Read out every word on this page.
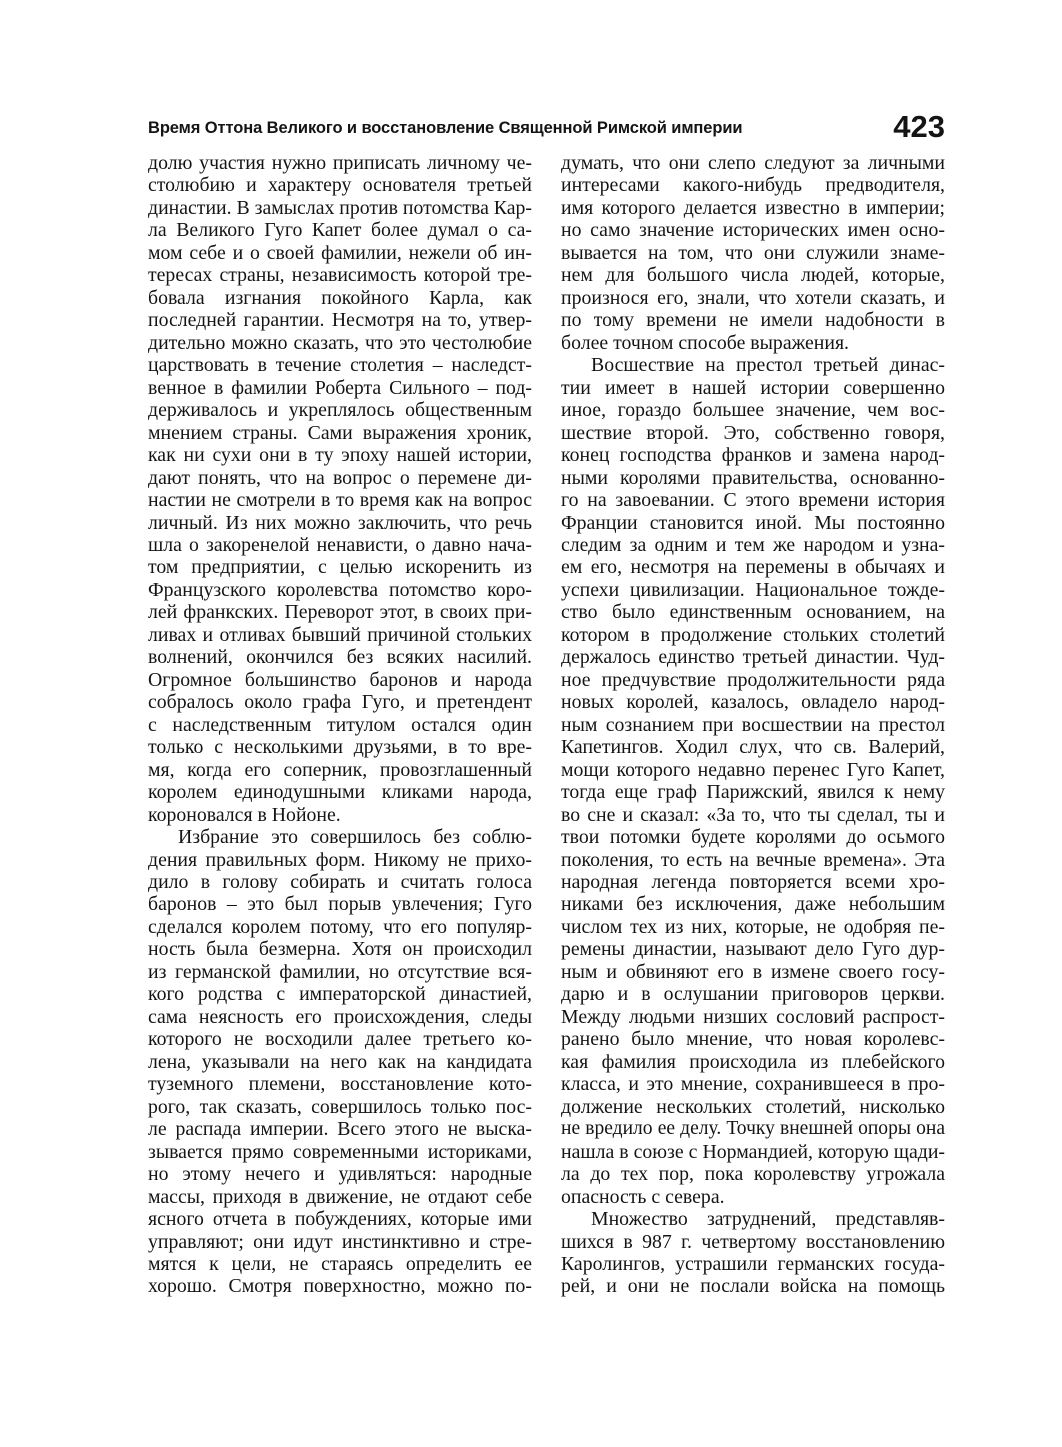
Время Оттона Великого и восстановление Священной Римской империи	423
долю участия нужно приписать личному че-
столюбию и характеру основателя третьей
династии. В замыслах против потомства Кар-
ла Великого Гуго Капет более думал о са-
мом себе и о своей фамилии, нежели об ин-
тересах страны, независимость которой тре-
бовала изгнания покойного Карла, как
последней гарантии. Несмотря на то, утвер-
дительно можно сказать, что это честолюбие
царствовать в течение столетия – наследст-
венное в фамилии Роберта Сильного – под-
держивалось и укреплялось общественным
мнением страны. Сами выражения хроник,
как ни сухи они в ту эпоху нашей истории,
дают понять, что на вопрос о перемене ди-
настии не смотрели в то время как на вопрос
личный. Из них можно заключить, что речь
шла о закоренелой ненависти, о давно нача-
том предприятии, с целью искоренить из
Французского королевства потомство коро-
лей франкских. Переворот этот, в своих при-
ливах и отливах бывший причиной стольких
волнений, окончился без всяких насилий.
Огромное большинство баронов и народа
собралось около графа Гуго, и претендент
с наследственным титулом остался один
только с несколькими друзьями, в то вре-
мя, когда его соперник, провозглашенный
королем единодушными кликами народа,
короновался в Нойоне.
Избрание это совершилось без соблю-
дения правильных форм. Никому не прихо-
дило в голову собирать и считать голоса
баронов – это был порыв увлечения; Гуго
сделался королем потому, что его популяр-
ность была безмерна. Хотя он происходил
из германской фамилии, но отсутствие вся-
кого родства с императорской династией,
сама неясность его происхождения, следы
которого не восходили далее третьего ко-
лена, указывали на него как на кандидата
туземного племени, восстановление кото-
рого, так сказать, совершилось только пос-
ле распада империи. Всего этого не выска-
зывается прямо современными историками,
но этому нечего и удивляться: народные
массы, приходя в движение, не отдают себе
ясного отчета в побуждениях, которые ими
управляют; они идут инстинктивно и стре-
мятся к цели, не стараясь определить ее
хорошо. Смотря поверхностно, можно по-
думать, что они слепо следуют за личными
интересами какого-нибудь предводителя,
имя которого делается известно в империи;
но само значение исторических имен осно-
вывается на том, что они служили знаме-
нем для большого числа людей, которые,
произнося его, знали, что хотели сказать, и
по тому времени не имели надобности в
более точном способе выражения.
Восшествие на престол третьей динас-
тии имеет в нашей истории совершенно
иное, гораздо большее значение, чем вос-
шествие второй. Это, собственно говоря,
конец господства франков и замена народ-
ными королями правительства, основанно-
го на завоевании. С этого времени история
Франции становится иной. Мы постоянно
следим за одним и тем же народом и узна-
ем его, несмотря на перемены в обычаях и
успехи цивилизации. Национальное тожде-
ство было единственным основанием, на
котором в продолжение стольких столетий
держалось единство третьей династии. Чуд-
ное предчувствие продолжительности ряда
новых королей, казалось, овладело народ-
ным сознанием при восшествии на престол
Капетингов. Ходил слух, что св. Валерий,
мощи которого недавно перенес Гуго Капет,
тогда еще граф Парижский, явился к нему
во сне и сказал: «За то, что ты сделал, ты и
твои потомки будете королями до осьмого
поколения, то есть на вечные времена». Эта
народная легенда повторяется всеми хро-
никами без исключения, даже небольшим
числом тех из них, которые, не одобряя пе-
ремены династии, называют дело Гуго дур-
ным и обвиняют его в измене своего госу-
дарю и в ослушании приговоров церкви.
Между людьми низших сословий распрост-
ранено было мнение, что новая королевс-
кая фамилия происходила из плебейского
класса, и это мнение, сохранившееся в про-
должение нескольких столетий, нисколько
не вредило ее делу. Точку внешней опоры она
нашла в союзе с Нормандией, которую щади-
ла до тех пор, пока королевству угрожала
опасность с севера.
Множество затруднений, представляв-
шихся в 987 г. четвертому восстановлению
Каролингов, устрашили германских госуда-
рей, и они не послали войска на помощь
